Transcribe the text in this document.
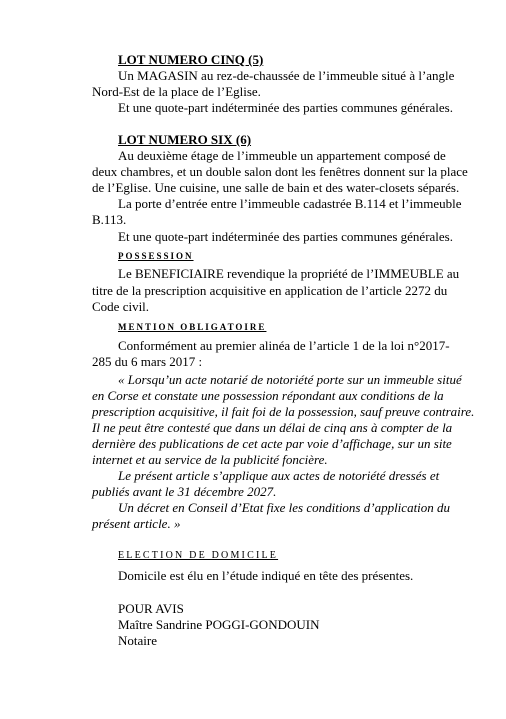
LOT NUMERO CINQ (5)

Un MAGASIN au rez-de-chaussée de l’immeuble situé à l’angle

Nord-Est de la place de l’Eglise.

Et une quote-part indéterminée des parties communes générales.

LOT NUMERO SIX (6)

Au deuxième étage de l’immeuble un appartement composé de

deux chambres, et un double salon dont les fenêtres donnent sur la place

de l’Eglise. Une cuisine, une salle de bain et des water-closets séparés.

La porte d’entrée entre l’immeuble cadastrée B.114 et l’immeuble

B.113.

Et une quote-part indéterminée des parties communes générales.

POSSESSION

Le BENEFICIAIRE revendique la propriété de l’IMMEUBLE au

titre de la prescription acquisitive en application de l’article 2272 du

Code civil.

MENTION OBLIGATOIRE

Conformément au premier alinéa de l’article 1 de la loi n°2017-

285 du 6 mars 2017 :

« Lorsqu’un acte notarié de notoriété porte sur un immeuble situé

en Corse et constate une possession répondant aux conditions de la

prescription acquisitive, il fait foi de la possession, sauf preuve contraire.

Il ne peut être contesté que dans un délai de cinq ans à compter de la

dernière des publications de cet acte par voie d’affichage, sur un site

internet et au service de la publicité foncière.

Le présent article s’applique aux actes de notoriété dressés et

publiés avant le 31 décembre 2027.

Un décret en Conseil d’Etat fixe les conditions d’application du

présent article. »

ELECTION DE DOMICILE

Domicile est élu en l’étude indiqué en tête des présentes.

POUR AVIS

Maître Sandrine POGGI-GONDOUIN

Notaire
